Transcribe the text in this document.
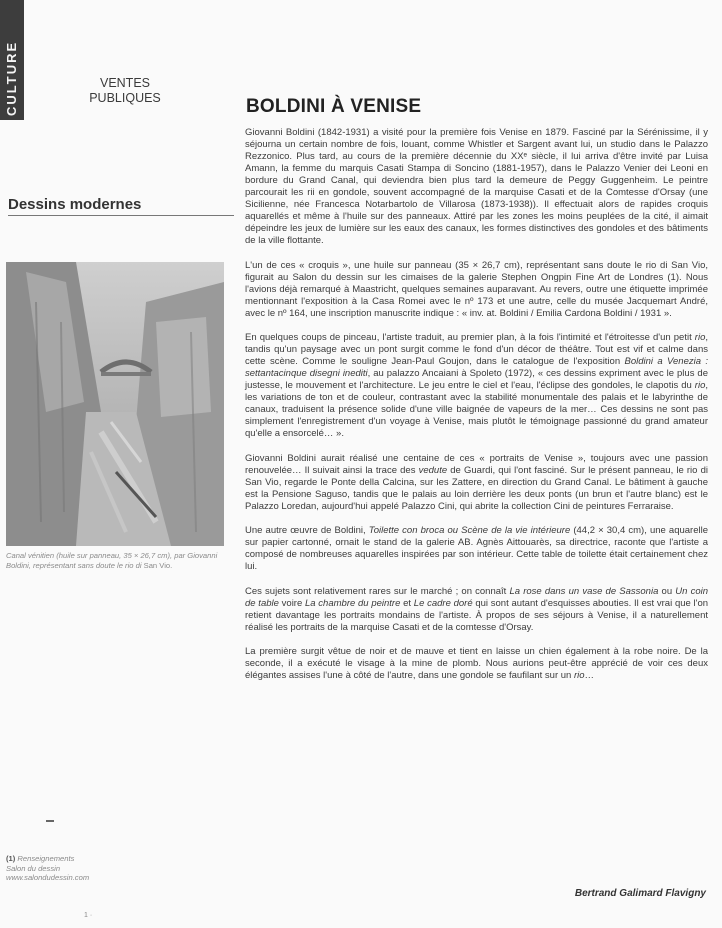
CULTURE	VENTES
PUBLIQUES
Dessins modernes
Canal vénitien (huile sur panneau, 35 × 26,7 cm), par Giovanni Boldini, représentant sans doute le rio di San Vio.
(1) Renseignements
Salon du dessin
www.salondudessin.com
1 ·
BOLDINI À VENISE

Giovanni Boldini (1842-1931) a visité pour la première fois Venise en 1879. Fasciné par la Sérénissime, il y séjourna un certain nombre de fois, louant, comme Whistler et Sargent avant lui, un studio dans le Palazzo Rezzonico. Plus tard, au cours de la première décennie du XXᵉ siècle, il lui arriva d'être invité par Luisa Amann, la femme du marquis Casati Stampa di Soncino (1881-1957), dans le Palazzo Venier dei Leoni en bordure du Grand Canal, qui deviendra bien plus tard la demeure de Peggy Guggenheim. Le peintre parcourait les rii en gondole, souvent accompagné de la marquise Casati et de la Comtesse d'Orsay (une Sicilienne, née Francesca Notarbartolo de Villarosa (1873-1938)). Il effectuait alors de rapides croquis aquarellés et même à l'huile sur des panneaux. Attiré par les zones les moins peuplées de la cité, il aimait dépeindre les jeux de lumière sur les eaux des canaux, les formes distinctives des gondoles et des bâtiments de la ville flottante.

L'un de ces « croquis », une huile sur panneau (35 × 26,7 cm), représentant sans doute le rio di San Vio, figurait au Salon du dessin sur les cimaises de la galerie Stephen Ongpin Fine Art de Londres (1). Nous l'avions déjà remarqué à Maastricht, quelques semaines auparavant. Au revers, outre une étiquette imprimée mentionnant l'exposition à la Casa Romei avec le nº 173 et une autre, celle du musée Jacquemart André, avec le nº 164, une inscription manuscrite indique : « inv. at. Boldini / Emilia Cardona Boldini / 1931 ».

En quelques coups de pinceau, l'artiste traduit, au premier plan, à la fois l'intimité et l'étroitesse d'un petit rio, tandis qu'un paysage avec un pont surgit comme le fond d'un décor de théâtre. Tout est vif et calme dans cette scène. Comme le souligne Jean-Paul Goujon, dans le catalogue de l'exposition Boldini a Venezia : settantacinque disegni inediti, au palazzo Ancaiani à Spoleto (1972), « ces dessins expriment avec le plus de justesse, le mouvement et l'architecture. Le jeu entre le ciel et l'eau, l'éclipse des gondoles, le clapotis du rio, les variations de ton et de couleur, contrastant avec la stabilité monumentale des palais et le labyrinthe de canaux, traduisent la présence solide d'une ville baignée de vapeurs de la mer… Ces dessins ne sont pas simplement l'enregistrement d'un voyage à Venise, mais plutôt le témoignage passionné du grand amateur qu'elle a ensorcelé… ».

Giovanni Boldini aurait réalisé une centaine de ces « portraits de Venise », toujours avec une passion renouvelée… Il suivait ainsi la trace des vedute de Guardi, qui l'ont fasciné. Sur le présent panneau, le rio di San Vio, regarde le Ponte della Calcina, sur les Zattere, en direction du Grand Canal. Le bâtiment à gauche est la Pensione Saguso, tandis que le palais au loin derrière les deux ponts (un brun et l'autre blanc) est le Palazzo Loredan, aujourd'hui appelé Palazzo Cini, qui abrite la collection Cini de peintures Ferraraise.

Une autre œuvre de Boldini, Toilette con broca ou Scène de la vie intérieure (44,2 × 30,4 cm), une aquarelle sur papier cartonné, ornait le stand de la galerie AB. Agnès Aittouarès, sa directrice, raconte que l'artiste a composé de nombreuses aquarelles inspirées par son intérieur. Cette table de toilette était certainement chez lui.

Ces sujets sont relativement rares sur le marché ; on connaît La rose dans un vase de Sassonia ou Un coin de table voire La chambre du peintre et Le cadre doré qui sont autant d'esquisses abouties. Il est vrai que l'on retient davantage les portraits mondains de l'artiste. À propos de ses séjours à Venise, il a naturellement réalisé les portraits de la marquise Casati et de la comtesse d'Orsay.

La première surgit vêtue de noir et de mauve et tient en laisse un chien également à la robe noire. De la seconde, il a exécuté le visage à la mine de plomb. Nous aurions peut-être apprécié de voir ces deux élégantes assises l'une à côté de l'autre, dans une gondole se faufilant sur un rio…

Bertrand Galimard Flavigny
